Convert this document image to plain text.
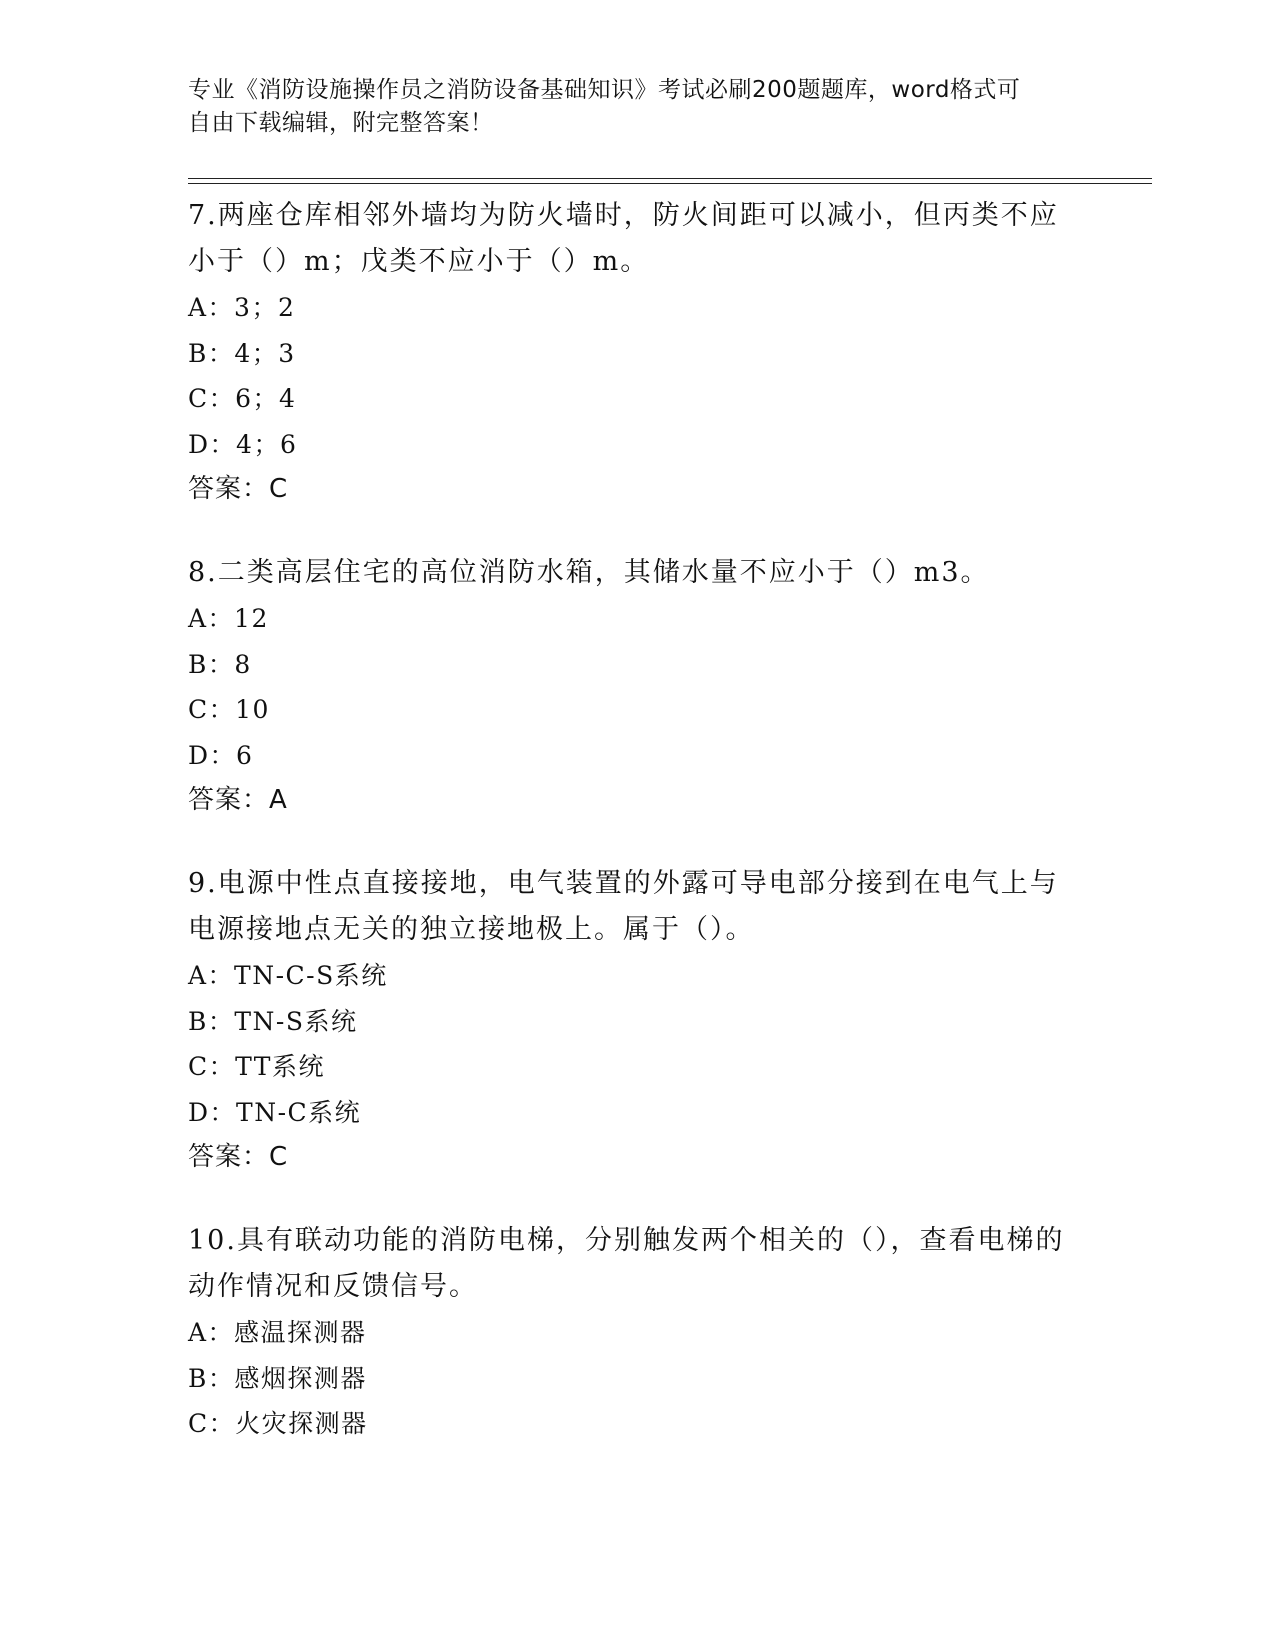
专业《消防设施操作员之消防设备基础知识》考试必刷200题题库，word格式可
自由下载编辑，附完整答案！
7.两座仓库相邻外墙均为防火墙时，防火间距可以减小，但丙类不应
小于（）m；戊类不应小于（）m。
A：3；2
B：4；3
C：6；4
D：4；6
答案：C
8.二类高层住宅的高位消防水箱，其储水量不应小于（）m3。
A：12
B：8
C：10
D：6
答案：A
9.电源中性点直接接地，电气装置的外露可导电部分接到在电气上与
电源接地点无关的独立接地极上。属于（）。
A：TN-C-S系统
B：TN-S系统
C：TT系统
D：TN-C系统
答案：C
10.具有联动功能的消防电梯，分别触发两个相关的（），查看电梯的
动作情况和反馈信号。
A：感温探测器
B：感烟探测器
C：火灾探测器
